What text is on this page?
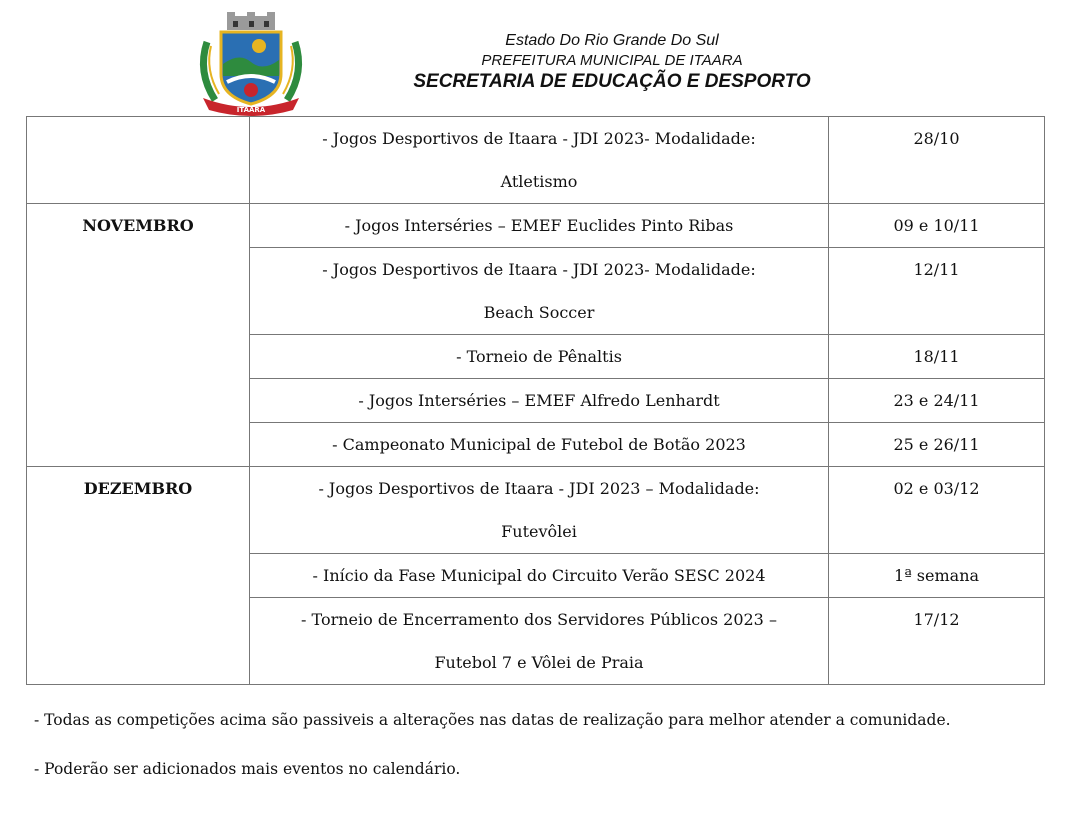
ITAARA
Estado Do Rio Grande Do Sul
PREFEITURA MUNICIPAL DE ITAARA
SECRETARIA DE EDUCAÇÃO E DESPORTO

	- Jogos Desportivos de Itaara - JDI 2023- Modalidade:
Atletismo	28/10
NOVEMBRO	- Jogos Interséries – EMEF Euclides Pinto Ribas	09 e 10/11

	- Jogos Desportivos de Itaara - JDI 2023- Modalidade:
Beach Soccer	12/11

	- Torneio de Pênaltis	18/11

	- Jogos Interséries – EMEF Alfredo Lenhardt	23 e 24/11

	- Campeonato Municipal de Futebol de Botão 2023	25 e 26/11
DEZEMBRO	- Jogos Desportivos de Itaara - JDI 2023 – Modalidade:
Futevôlei	02 e 03/12

	- Início da Fase Municipal do Circuito Verão SESC 2024	1ª semana

	- Torneio de Encerramento dos Servidores Públicos 2023 –
Futebol 7 e Vôlei de Praia	17/12

- Todas as competições acima são passiveis a alterações nas datas de realização para melhor atender a comunidade.

- Poderão ser adicionados mais eventos no calendário.
